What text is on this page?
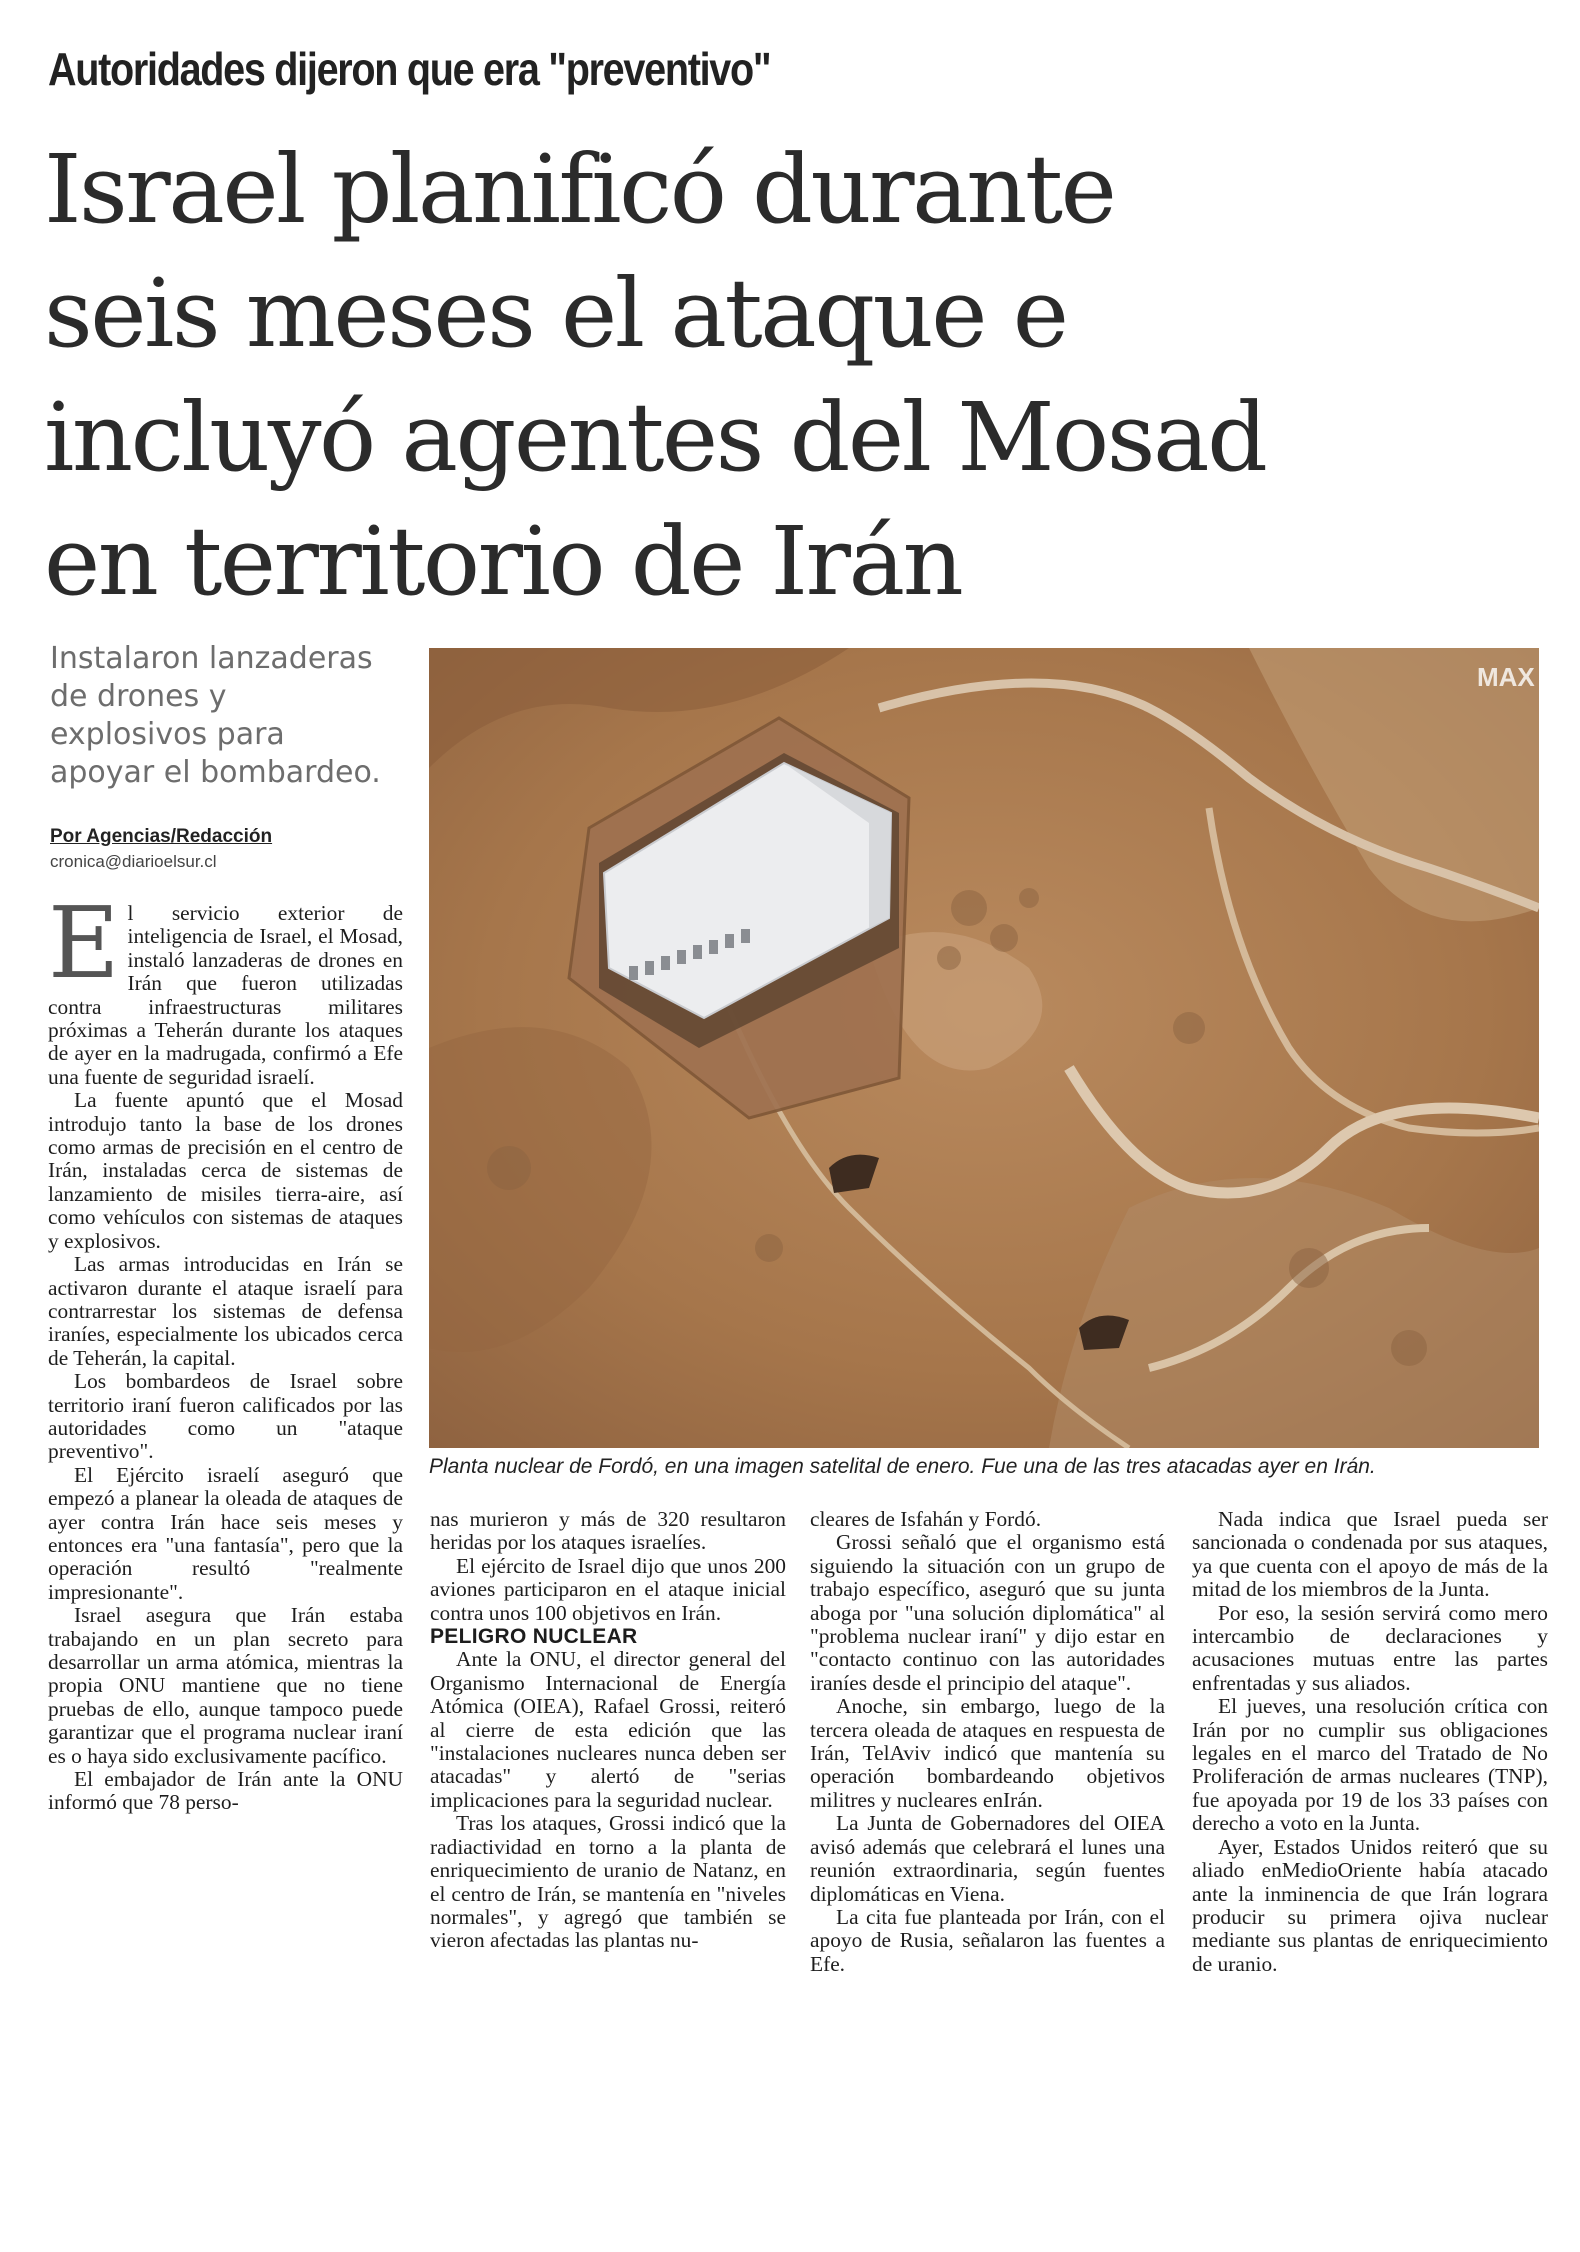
Autoridades dijeron que era "preventivo"
Israel planificó durante
seis meses el ataque e
incluyó agentes del Mosad
en territorio de Irán
Instalaron lanzaderas
de drones y
explosivos para
apoyar el bombardeo.
Por Agencias/Redacción
cronica@diarioelsur.cl
MAX
Planta nuclear de Fordó, en una imagen satelital de enero. Fue una de las tres atacadas ayer en Irán.

El servicio exterior de inteligencia de Israel, el Mosad, instaló lanzaderas de drones en Irán que fueron utilizadas contra infraestructuras militares próximas a Teherán durante los ataques de ayer en la madrugada, confirmó a Efe una fuente de seguridad israelí.

La fuente apuntó que el Mosad introdujo tanto la base de los drones como armas de precisión en el centro de Irán, instaladas cerca de sistemas de lanzamiento de misiles tierra-aire, así como vehículos con sistemas de ataques y explosivos.

Las armas introducidas en Irán se activaron durante el ataque israelí para contrarrestar los sistemas de defensa iraníes, especialmente los ubicados cerca de Teherán, la capital.

Los bombardeos de Israel sobre territorio iraní fueron calificados por las autoridades como un "ataque preventivo".

El Ejército israelí aseguró que empezó a planear la oleada de ataques de ayer contra Irán hace seis meses y entonces era "una fantasía", pero que la operación resultó "realmente impresionante".

Israel asegura que Irán estaba trabajando en un plan secreto para desarrollar un arma atómica, mientras la propia ONU mantiene que no tiene pruebas de ello, aunque tampoco puede garantizar que el programa nuclear iraní es o haya sido exclusivamente pacífico.

El embajador de Irán ante la ONU informó que 78 perso-

nas murieron y más de 320 resultaron heridas por los ataques israelíes.

El ejército de Israel dijo que unos 200 aviones participaron en el ataque inicial contra unos 100 objetivos en Irán.

PELIGRO NUCLEAR

Ante la ONU, el director general del Organismo Internacional de Energía Atómica (OIEA), Rafael Grossi, reiteró al cierre de esta edición que las "instalaciones nucleares nunca deben ser atacadas" y alertó de "serias implicaciones para la seguridad nuclear.

Tras los ataques, Grossi indicó que la radiactividad en torno a la planta de enriquecimiento de uranio de Natanz, en el centro de Irán, se mantenía en "niveles normales", y agregó que también se vieron afectadas las plantas nu-

cleares de Isfahán y Fordó.

Grossi señaló que el organismo está siguiendo la situación con un grupo de trabajo específico, aseguró que su junta aboga por "una solución diplomática" al "problema nuclear iraní" y dijo estar en "contacto continuo con las autoridades iraníes desde el principio del ataque".

Anoche, sin embargo, luego de la tercera oleada de ataques en respuesta de Irán, TelAviv indicó que mantenía su operación bombardeando objetivos militres y nucleares enIrán.

La Junta de Gobernadores del OIEA avisó además que celebrará el lunes una reunión extraordinaria, según fuentes diplomáticas en Viena.

La cita fue planteada por Irán, con el apoyo de Rusia, señalaron las fuentes a Efe.

Nada indica que Israel pueda ser sancionada o condenada por sus ataques, ya que cuenta con el apoyo de más de la mitad de los miembros de la Junta.

Por eso, la sesión servirá como mero intercambio de declaraciones y acusaciones mutuas entre las partes enfrentadas y sus aliados.

El jueves, una resolución crítica con Irán por no cumplir sus obligaciones legales en el marco del Tratado de No Proliferación de armas nucleares (TNP), fue apoyada por 19 de los 33 países con derecho a voto en la Junta.

Ayer, Estados Unidos reiteró que su aliado enMedioOriente había atacado ante la inminencia de que Irán lograra producir su primera ojiva nuclear mediante sus plantas de enriquecimiento de uranio.
